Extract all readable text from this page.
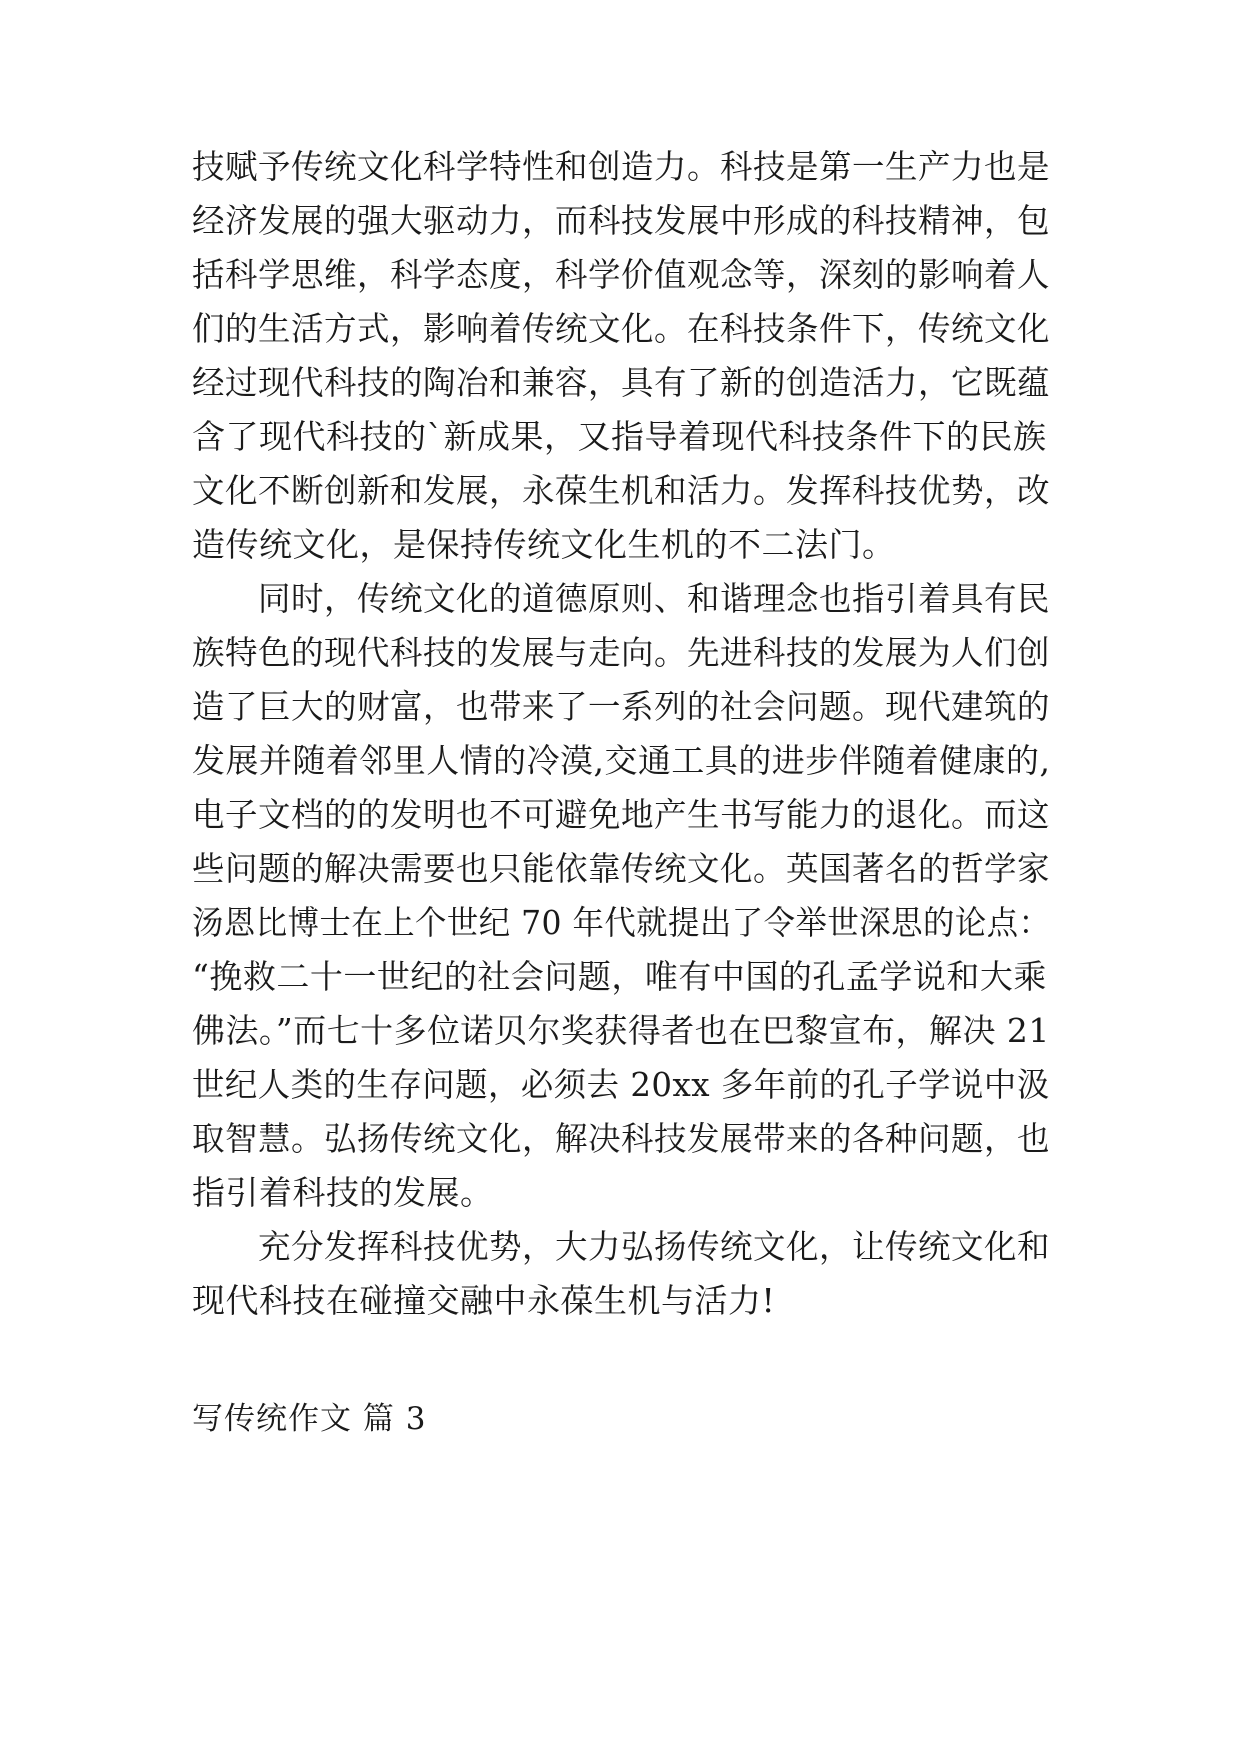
技赋予传统文化科学特性和创造力。科技是第一生产力也是
经济发展的强大驱动力，而科技发展中形成的科技精神，包
括科学思维，科学态度，科学价值观念等，深刻的影响着人
们的生活方式，影响着传统文化。在科技条件下，传统文化
经过现代科技的陶冶和兼容，具有了新的创造活力，它既蕴
含了现代科技的`新成果，又指导着现代科技条件下的民族
文化不断创新和发展，永葆生机和活力。发挥科技优势，改
造传统文化，是保持传统文化生机的不二法门。
同时，传统文化的道德原则、和谐理念也指引着具有民
族特色的现代科技的发展与走向。先进科技的发展为人们创
造了巨大的财富，也带来了一系列的社会问题。现代建筑的
发展并随着邻里人情的冷漠,交通工具的进步伴随着健康的,
电子文档的的发明也不可避免地产生书写能力的退化。而这
些问题的解决需要也只能依靠传统文化。英国著名的哲学家
汤恩比博士在上个世纪 70 年代就提出了令举世深思的论点：
“挽救二十一世纪的社会问题，唯有中国的孔孟学说和大乘
佛法。”而七十多位诺贝尔奖获得者也在巴黎宣布，解决 21
世纪人类的生存问题，必须去 20xx 多年前的孔子学说中汲
取智慧。弘扬传统文化，解决科技发展带来的各种问题，也
指引着科技的发展。
充分发挥科技优势，大力弘扬传统文化，让传统文化和
现代科技在碰撞交融中永葆生机与活力!
写传统作文 篇 3
